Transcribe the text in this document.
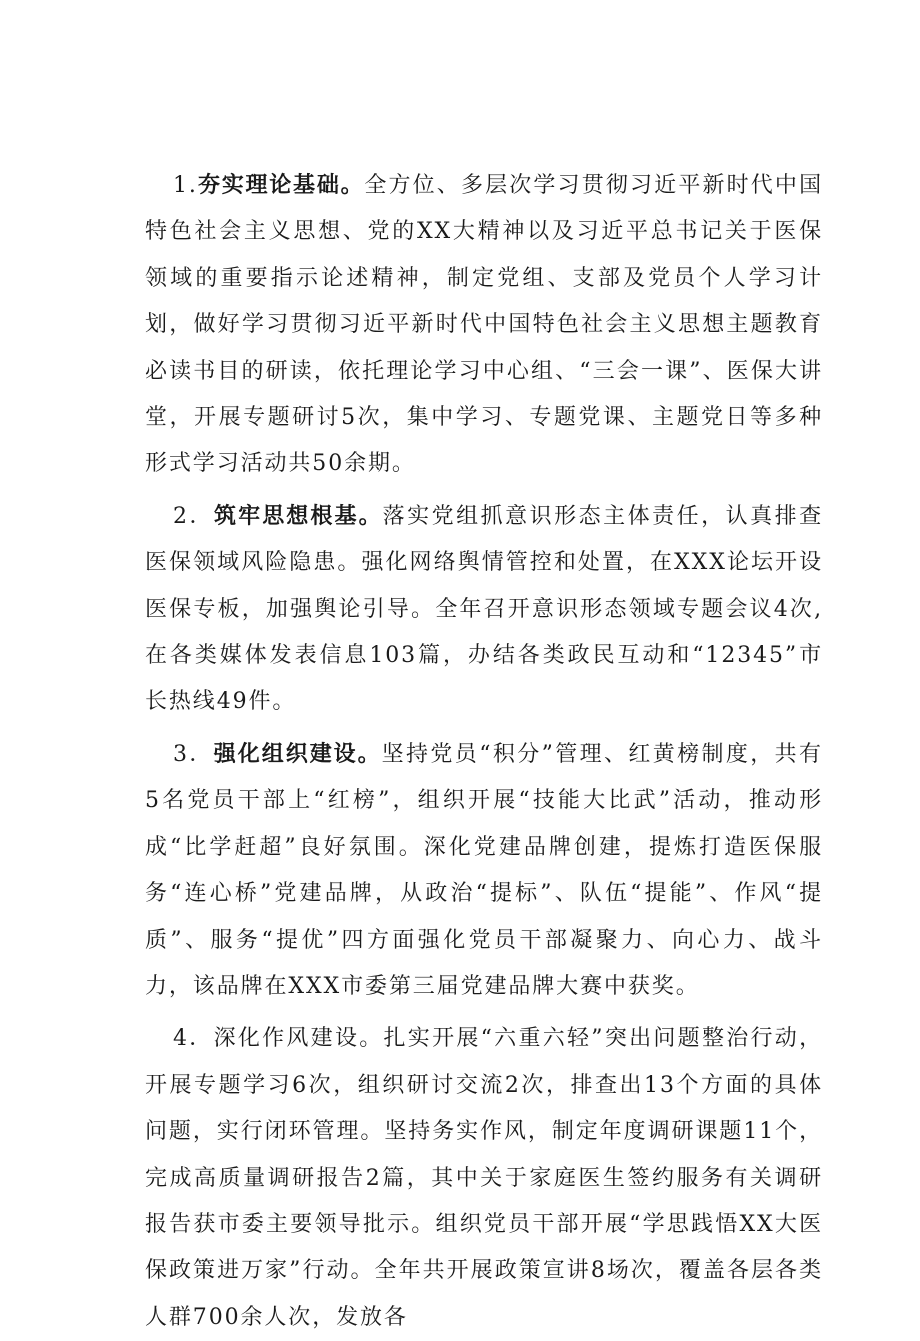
1.夯实理论基础。全方位、多层次学习贯彻习近平新时代中国特色社会主义思想、党的XX大精神以及习近平总书记关于医保领域的重要指示论述精神，制定党组、支部及党员个人学习计划，做好学习贯彻习近平新时代中国特色社会主义思想主题教育必读书目的研读，依托理论学习中心组、“三会一课”、医保大讲堂，开展专题研讨5次，集中学习、专题党课、主题党日等多种形式学习活动共50余期。

2．筑牢思想根基。落实党组抓意识形态主体责任，认真排查医保领域风险隐患。强化网络舆情管控和处置，在XXX论坛开设医保专板，加强舆论引导。全年召开意识形态领域专题会议4次,在各类媒体发表信息103篇，办结各类政民互动和“12345”市长热线49件。

3．强化组织建设。坚持党员“积分”管理、红黄榜制度，共有5名党员干部上“红榜”，组织开展“技能大比武”活动，推动形成“比学赶超”良好氛围。深化党建品牌创建，提炼打造医保服务“连心桥”党建品牌，从政治“提标”、队伍“提能”、作风“提质”、服务“提优”四方面强化党员干部凝聚力、向心力、战斗力，该品牌在XXX市委第三届党建品牌大赛中获奖。

4．深化作风建设。扎实开展“六重六轻”突出问题整治行动，开展专题学习6次，组织研讨交流2次，排查出13个方面的具体问题，实行闭环管理。坚持务实作风，制定年度调研课题11个，完成高质量调研报告2篇，其中关于家庭医生签约服务有关调研报告获市委主要领导批示。组织党员干部开展“学思践悟XX大医保政策进万家”行动。全年共开展政策宣讲8场次，覆盖各层各类人群700余人次，发放各
